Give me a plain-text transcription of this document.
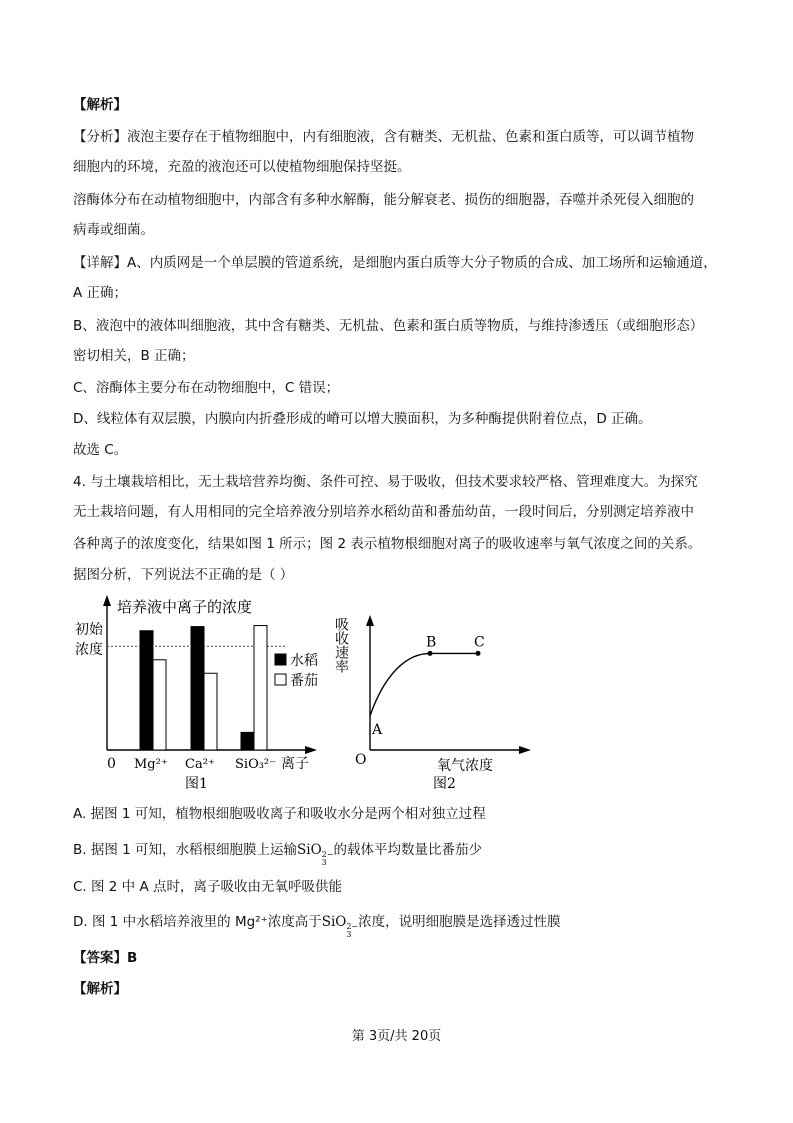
【解析】
【分析】液泡主要存在于植物细胞中，内有细胞液，含有糖类、无机盐、色素和蛋白质等，可以调节植物
细胞内的环境，充盈的液泡还可以使植物细胞保持坚挺。
溶酶体分布在动植物细胞中，内部含有多种水解酶，能分解衰老、损伤的细胞器，吞噬并杀死侵入细胞的
病毒或细菌。
【详解】A、内质网是一个单层膜的管道系统，是细胞内蛋白质等大分子物质的合成、加工场所和运输通道，
A 正确；
B、液泡中的液体叫细胞液，其中含有糖类、无机盐、色素和蛋白质等物质，与维持渗透压（或细胞形态）
密切相关，B 正确；
C、溶酶体主要分布在动物细胞中，C 错误；
D、线粒体有双层膜，内膜向内折叠形成的嵴可以增大膜面积，为多种酶提供附着位点，D 正确。
故选 C。
4. 与土壤栽培相比，无土栽培营养均衡、条件可控、易于吸收，但技术要求较严格、管理难度大。为探究
无土栽培问题，有人用相同的完全培养液分别培养水稻幼苗和番茄幼苗，一段时间后，分别测定培养液中
各种离子的浓度变化，结果如图 1 所示；图 2 表示植物根细胞对离子的吸收速率与氧气浓度之间的关系。
据图分析，下列说法不正确的是（ ）
培养液中离子的浓度
初始
浓度
Mg²⁺ Ca²⁺ SiO₃²⁻
0	离子
图1
水稻
番茄
吸收速率
氧气浓度
O
图2
A
B	C
A. 据图 1 可知，植物根细胞吸收离子和吸收水分是两个相对独立过程
B. 据图 1 可知，水稻根细胞膜上运输SiO 2−
3
的载体平均数量比番茄少
C. 图 2 中 A 点时，离子吸收由无氧呼吸供能
D. 图 1 中水稻培养液里的 Mg²⁺浓度高于SiO 2−
3
浓度，说明细胞膜是选择透过性膜
【答案】B
【解析】
第 3页/共 20页
